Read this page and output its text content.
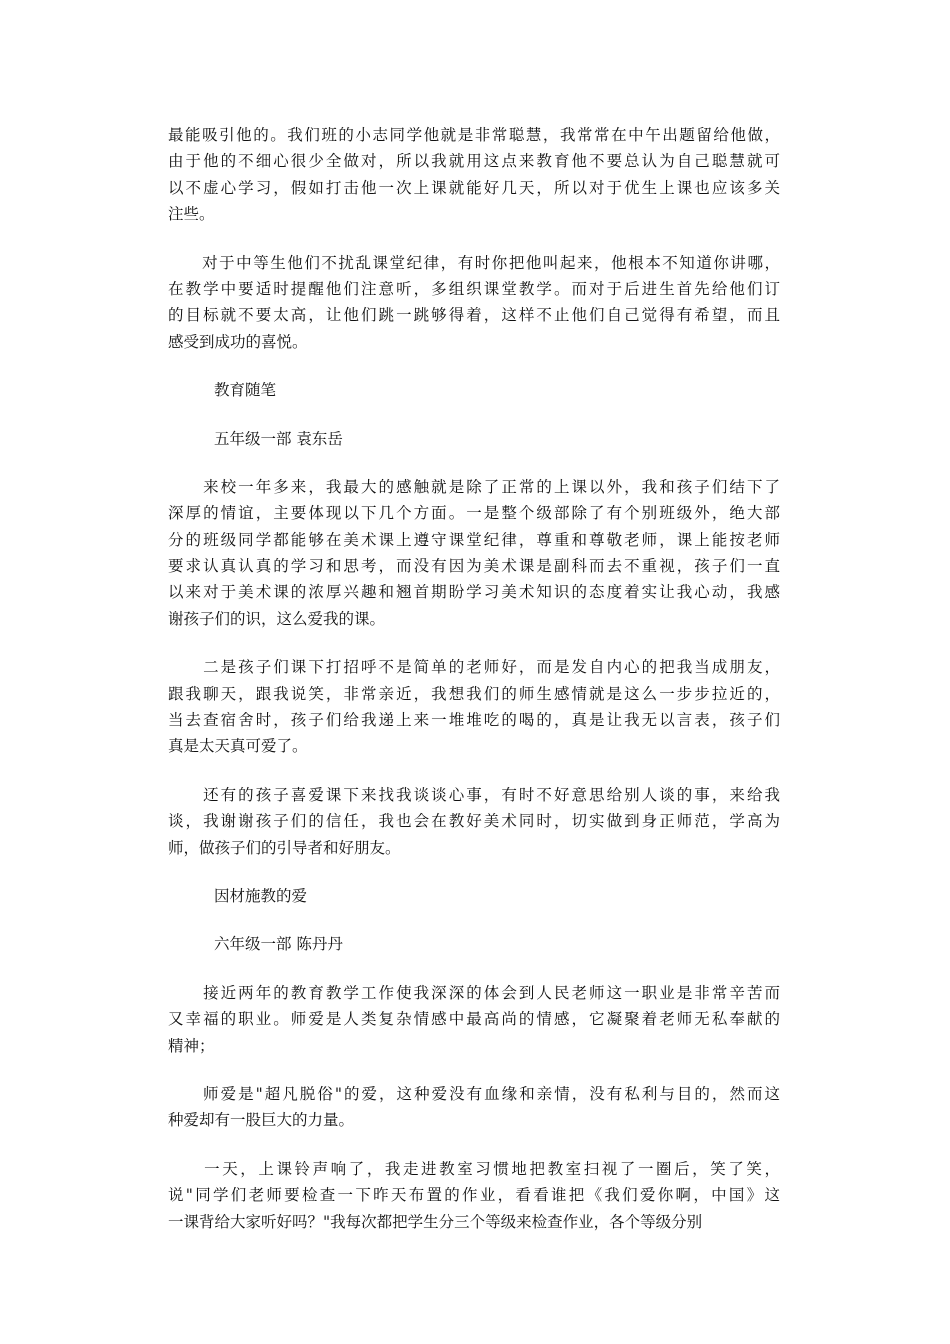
最能吸引他的。我们班的小志同学他就是非常聪慧，我常常在中午出题留给他做，
由于他的不细心很少全做对，所以我就用这点来教育他不要总认为自己聪慧就可
以不虚心学习，假如打击他一次上课就能好几天，所以对于优生上课也应该多关
注些。
　　对于中等生他们不扰乱课堂纪律，有时你把他叫起来，他根本不知道你讲哪，
在教学中要适时提醒他们注意听，多组织课堂教学。而对于后进生首先给他们订
的目标就不要太高，让他们跳一跳够得着，这样不止他们自己觉得有希望，而且
感受到成功的喜悦。
教育随笔
五年级一部 袁东岳
　　来校一年多来，我最大的感触就是除了正常的上课以外，我和孩子们结下了
深厚的情谊，主要体现以下几个方面。一是整个级部除了有个别班级外，绝大部
分的班级同学都能够在美术课上遵守课堂纪律，尊重和尊敬老师，课上能按老师
要求认真认真的学习和思考，而没有因为美术课是副科而去不重视，孩子们一直
以来对于美术课的浓厚兴趣和翘首期盼学习美术知识的态度着实让我心动，我感
谢孩子们的识，这么爱我的课。
　　二是孩子们课下打招呼不是简单的老师好，而是发自内心的把我当成朋友，
跟我聊天，跟我说笑，非常亲近，我想我们的师生感情就是这么一步步拉近的，
当去查宿舍时，孩子们给我递上来一堆堆吃的喝的，真是让我无以言表，孩子们
真是太天真可爱了。
　　还有的孩子喜爱课下来找我谈谈心事，有时不好意思给别人谈的事，来给我
谈，我谢谢孩子们的信任，我也会在教好美术同时，切实做到身正师范，学高为
师，做孩子们的引导者和好朋友。
因材施教的爱
六年级一部 陈丹丹
　　接近两年的教育教学工作使我深深的体会到人民老师这一职业是非常辛苦而
又幸福的职业。师爱是人类复杂情感中最高尚的情感，它凝聚着老师无私奉献的
精神；
　　师爱是"超凡脱俗"的爱，这种爱没有血缘和亲情，没有私利与目的，然而这
种爱却有一股巨大的力量。
　　一天，上课铃声响了，我走进教室习惯地把教室扫视了一圈后，笑了笑，
说"同学们老师要检查一下昨天布置的作业，看看谁把《我们爱你啊，中国》这
一课背给大家听好吗？"我每次都把学生分三个等级来检查作业，各个等级分别
